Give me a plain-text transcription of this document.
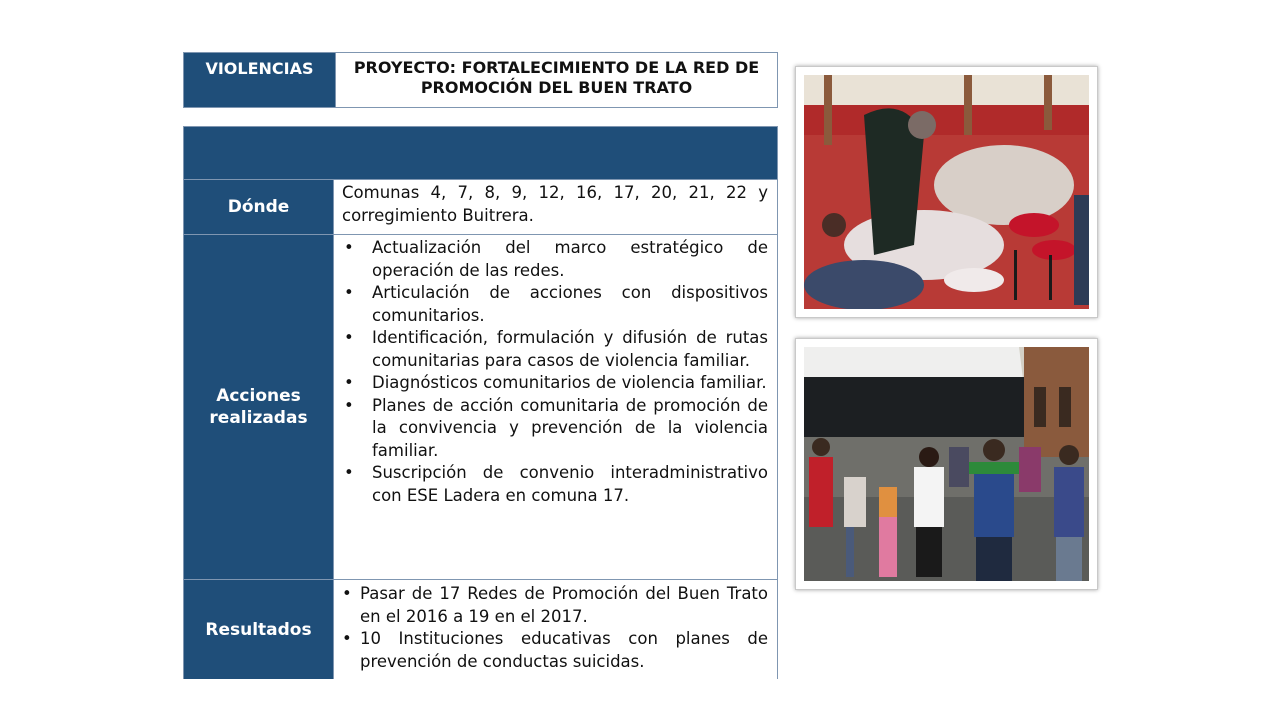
VIOLENCIAS	PROYECTO: FORTALECIMIENTO DE LA RED DE PROMOCIÓN DEL BUEN TRATO
Dónde
Comunas 4, 7, 8, 9, 12, 16, 17, 20, 21, 22 y corregimiento Buitrera.
Acciones realizadas
• Actualización del marco estratégico de operación de las redes.
• Articulación de acciones con dispositivos comunitarios.
• Identificación, formulación y difusión de rutas comunitarias para casos de violencia familiar.
• Diagnósticos comunitarios de violencia familiar.
• Planes de acción comunitaria de promoción de la convivencia y prevención de la violencia familiar.
• Suscripción de convenio interadministrativo con ESE Ladera en comuna 17.
Resultados
• Pasar de 17 Redes de Promoción del Buen Trato en el 2016 a 19 en el 2017.
• 10 Instituciones educativas con planes de prevención de conductas suicidas.
